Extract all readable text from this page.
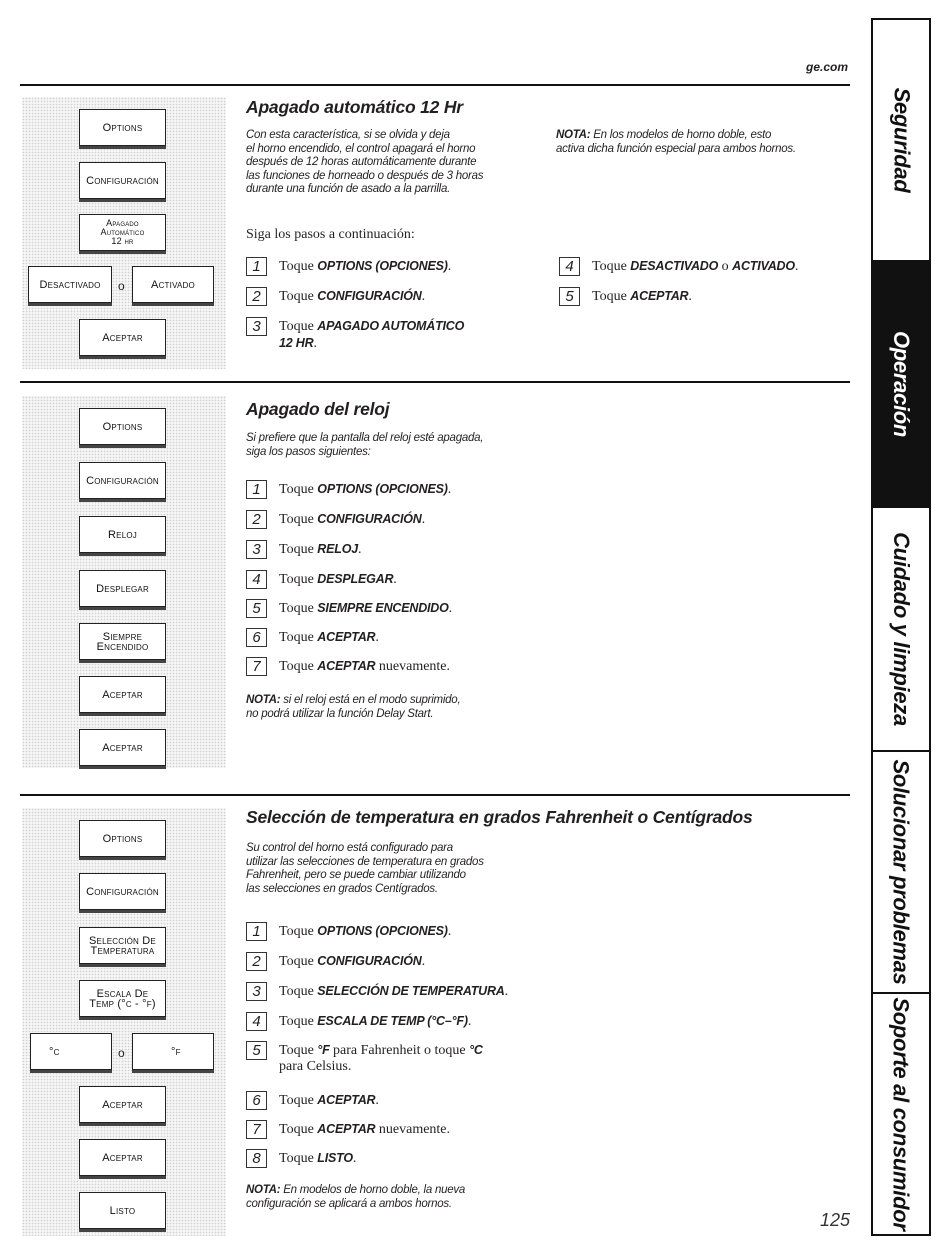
ge.com
Options
Configuración
Apagado
Automático
12 hr
Desactivado	o	Activado
Aceptar
Apagado automático 12 Hr
Con esta característica, si se olvida y deja
el horno encendido, el control apagará el horno
después de 12 horas automáticamente durante
las funciones de horneado o después de 3 horas
durante una función de asado a la parrilla.
Siga los pasos a continuación:
NOTA: En los modelos de horno doble, esto
activa dicha función especial para ambos hornos.
1	Toque OPTIONS (OPCIONES).
2	Toque CONFIGURACIÓN.
3	Toque APAGADO AUTOMÁTICO
12 HR.
4	Toque DESACTIVADO o ACTIVADO.
5	Toque ACEPTAR.
Options
Configuración
Reloj
Desplegar
Siempre
Encendido
Aceptar
Aceptar
Apagado del reloj
Si prefiere que la pantalla del reloj esté apagada,
siga los pasos siguientes:
1	Toque OPTIONS (OPCIONES).
2	Toque CONFIGURACIÓN.
3	Toque RELOJ.
4	Toque DESPLEGAR.
5	Toque SIEMPRE ENCENDIDO.
6	Toque ACEPTAR.
7	Toque ACEPTAR nuevamente.
NOTA: si el reloj está en el modo suprimido,
no podrá utilizar la función Delay Start.
Options
Configuración
Selección De
Temperatura
Escala De
Temp (°c - °f)
°c	o	°f
Aceptar
Aceptar
Listo
Selección de temperatura en grados Fahrenheit o Centígrados
Su control del horno está configurado para
utilizar las selecciones de temperatura en grados
Fahrenheit, pero se puede cambiar utilizando
las selecciones en grados Centígrados.
1	Toque OPTIONS (OPCIONES).
2	Toque CONFIGURACIÓN.
3	Toque SELECCIÓN DE TEMPERATURA.
4	Toque ESCALA DE TEMP (°C–°F).
5	Toque °F para Fahrenheit o toque °C
para Celsius.
6	Toque ACEPTAR.
7	Toque ACEPTAR nuevamente.
8	Toque LISTO.
NOTA: En modelos de horno doble, la nueva
configuración se aplicará a ambos hornos.
125
Seguridad
Operación
Cuidado y limpieza
Solucionar problemas
Soporte al consumidor
